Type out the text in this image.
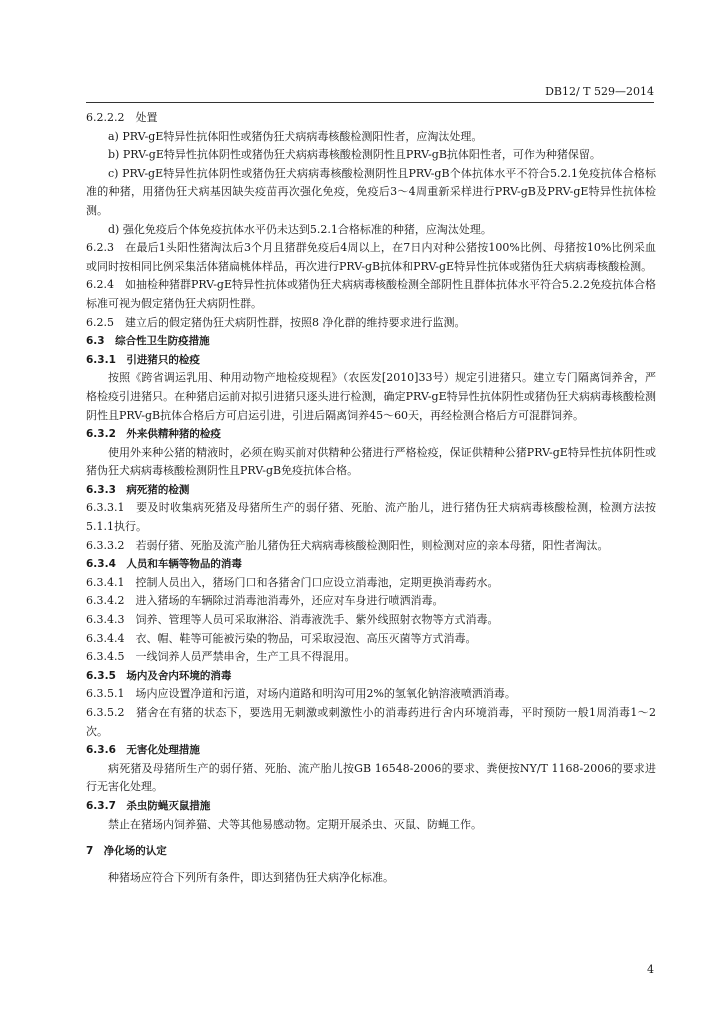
DB12/ T 529—2014

6.2.2.2　处置

a) PRV-gE特异性抗体阳性或猪伪狂犬病病毒核酸检测阳性者，应淘汰处理。

b) PRV-gE特异性抗体阴性或猪伪狂犬病病毒核酸检测阴性且PRV-gB抗体阳性者，可作为种猪保留。

c) PRV-gE特异性抗体阴性或猪伪狂犬病病毒核酸检测阴性且PRV-gB个体抗体水平不符合5.2.1免疫抗体合格标准的种猪，用猪伪狂犬病基因缺失疫苗再次强化免疫，免疫后3～4周重新采样进行PRV-gB及PRV-gE特异性抗体检测。

d) 强化免疫后个体免疫抗体水平仍未达到5.2.1合格标准的种猪，应淘汰处理。

6.2.3　在最后1头阳性猪淘汰后3个月且猪群免疫后4周以上，在7日内对种公猪按100%比例、母猪按10%比例采血或同时按相同比例采集活体猪扁桃体样品，再次进行PRV-gB抗体和PRV-gE特异性抗体或猪伪狂犬病病毒核酸检测。

6.2.4　如抽检种猪群PRV-gE特异性抗体或猪伪狂犬病病毒核酸检测全部阴性且群体抗体水平符合5.2.2免疫抗体合格标准可视为假定猪伪狂犬病阴性群。

6.2.5　建立后的假定猪伪狂犬病阴性群，按照8 净化群的维持要求进行监测。

6.3　综合性卫生防疫措施

6.3.1　引进猪只的检疫

按照《跨省调运乳用、种用动物产地检疫规程》（农医发[2010]33号）规定引进猪只。建立专门隔离饲养舍，严格检疫引进猪只。在种猪启运前对拟引进猪只逐头进行检测，确定PRV-gE特异性抗体阴性或猪伪狂犬病病毒核酸检测阴性且PRV-gB抗体合格后方可启运引进，引进后隔离饲养45～60天，再经检测合格后方可混群饲养。

6.3.2　外来供精种猪的检疫

使用外来种公猪的精液时，必须在购买前对供精种公猪进行严格检疫，保证供精种公猪PRV-gE特异性抗体阴性或猪伪狂犬病病毒核酸检测阴性且PRV-gB免疫抗体合格。

6.3.3　病死猪的检测

6.3.3.1　要及时收集病死猪及母猪所生产的弱仔猪、死胎、流产胎儿，进行猪伪狂犬病病毒核酸检测，检测方法按5.1.1执行。

6.3.3.2　若弱仔猪、死胎及流产胎儿猪伪狂犬病病毒核酸检测阳性，则检测对应的亲本母猪，阳性者淘汰。

6.3.4　人员和车辆等物品的消毒

6.3.4.1　控制人员出入，猪场门口和各猪舍门口应设立消毒池，定期更换消毒药水。

6.3.4.2　进入猪场的车辆除过消毒池消毒外，还应对车身进行喷洒消毒。

6.3.4.3　饲养、管理等人员可采取淋浴、消毒液洗手、紫外线照射衣物等方式消毒。

6.3.4.4　衣、帽、鞋等可能被污染的物品，可采取浸泡、高压灭菌等方式消毒。

6.3.4.5　一线饲养人员严禁串舍，生产工具不得混用。

6.3.5　场内及舍内环境的消毒

6.3.5.1　场内应设置净道和污道，对场内道路和明沟可用2%的氢氧化钠溶液喷洒消毒。

6.3.5.2　猪舍在有猪的状态下，要选用无刺激或刺激性小的消毒药进行舍内环境消毒，平时预防一般1周消毒1～2次。

6.3.6　无害化处理措施

病死猪及母猪所生产的弱仔猪、死胎、流产胎儿按GB 16548-2006的要求、粪便按NY/T 1168-2006的要求进行无害化处理。

6.3.7　杀虫防蝇灭鼠措施

禁止在猪场内饲养猫、犬等其他易感动物。定期开展杀虫、灭鼠、防蝇工作。

7　净化场的认定

种猪场应符合下列所有条件，即达到猪伪狂犬病净化标准。

4
